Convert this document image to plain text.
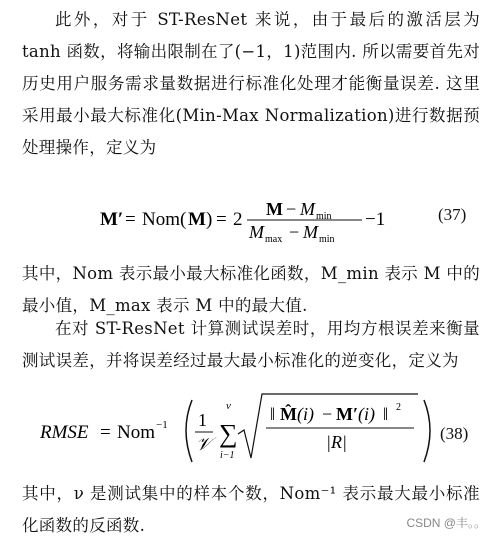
此外，对于 ST-ResNet 来说，由于最后的激活层为 tanh 函数，将输出限制在了(−1，1)范围内. 所以需要首先对历史用户服务需求量数据进行标准化处理才能衡量误差. 这里采用最小最大标准化(Min-Max Normalization)进行数据预处理操作，定义为
M′ = Nom( M ) = 2 M − M min
M max − M min
−1	(37)
其中，Nom 表示最小最大标准化函数，M_min 表示 M 中的最小值，M_max 表示 M 中的最大值.
在对 ST-ResNet 计算测试误差时，用均方根误差来衡量测试误差，并将误差经过最大最小标准化的逆变化，定义为
RMSE = Nom −1 1
𝒱
ν
∑
i−1
‖ M̂ (i) − M′ (i) ‖ 2
|R|	(38)
其中，ν 是测试集中的样本个数，Nom⁻¹ 表示最大最小标准化函数的反函数.	CSDN @丰。。
